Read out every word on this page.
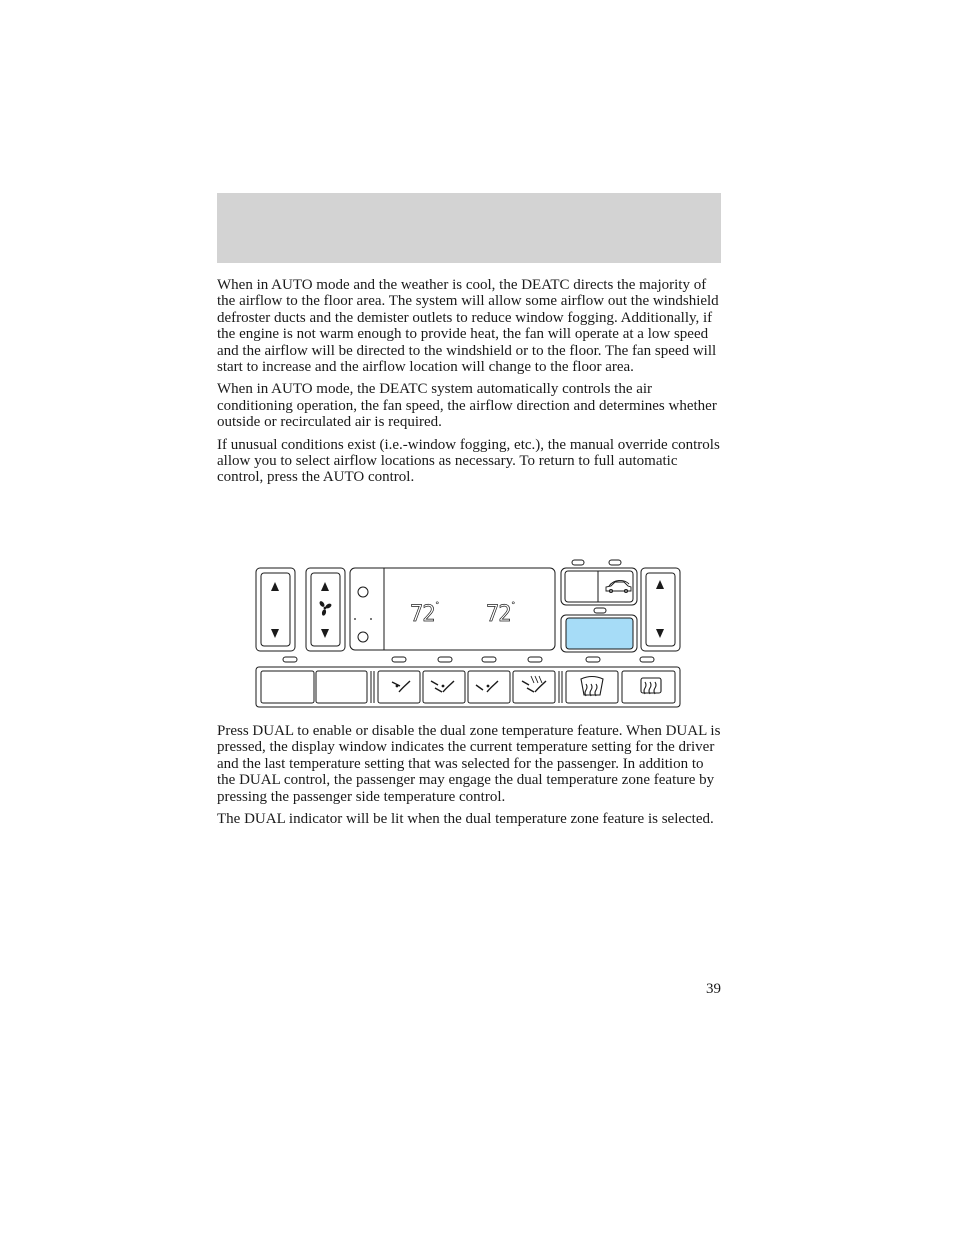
When in AUTO mode and the weather is cool, the DEATC directs the majority of the airflow to the floor area. The system will allow some airflow out the windshield defroster ducts and the demister outlets to reduce window fogging. Additionally, if the engine is not warm enough to provide heat, the fan will operate at a low speed and the airflow will be directed to the windshield or to the floor. The fan speed will start to increase and the airflow location will change to the floor area.

When in AUTO mode, the DEATC system automatically controls the air conditioning operation, the fan speed, the airflow direction and determines whether outside or recirculated air is required.

If unusual conditions exist (i.e.-window fogging, etc.), the manual override controls allow you to select airflow locations as necessary. To return to full automatic control, press the AUTO control.

72 ° 72 °

Press DUAL to enable or disable the dual zone temperature feature. When DUAL is pressed, the display window indicates the current temperature setting for the driver and the last temperature setting that was selected for the passenger. In addition to the DUAL control, the passenger may engage the dual temperature zone feature by pressing the passenger side temperature control.

The DUAL indicator will be lit when the dual temperature zone feature is selected.

39
